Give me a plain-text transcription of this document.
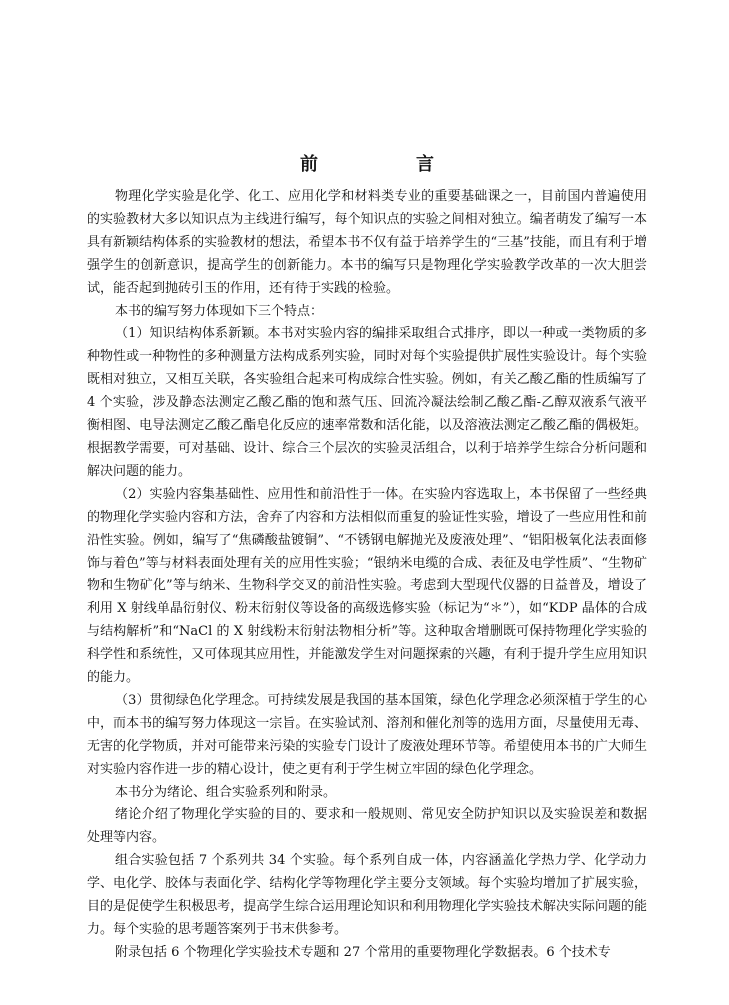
前　言

物理化学实验是化学、化工、应用化学和材料类专业的重要基础课之一，目前国内普遍使用的实验教材大多以知识点为主线进行编写，每个知识点的实验之间相对独立。编者萌发了编写一本具有新颖结构体系的实验教材的想法，希望本书不仅有益于培养学生的“三基”技能，而且有利于增强学生的创新意识，提高学生的创新能力。本书的编写只是物理化学实验教学改革的一次大胆尝试，能否起到抛砖引玉的作用，还有待于实践的检验。

本书的编写努力体现如下三个特点：

（1）知识结构体系新颖。本书对实验内容的编排采取组合式排序，即以一种或一类物质的多种物性或一种物性的多种测量方法构成系列实验，同时对每个实验提供扩展性实验设计。每个实验既相对独立，又相互关联，各实验组合起来可构成综合性实验。例如，有关乙酸乙酯的性质编写了 4 个实验，涉及静态法测定乙酸乙酯的饱和蒸气压、回流冷凝法绘制乙酸乙酯-乙醇双液系气液平衡相图、电导法测定乙酸乙酯皂化反应的速率常数和活化能，以及溶液法测定乙酸乙酯的偶极矩。根据教学需要，可对基础、设计、综合三个层次的实验灵活组合，以利于培养学生综合分析问题和解决问题的能力。

（2）实验内容集基础性、应用性和前沿性于一体。在实验内容选取上，本书保留了一些经典的物理化学实验内容和方法，舍弃了内容和方法相似而重复的验证性实验，增设了一些应用性和前沿性实验。例如，编写了“焦磷酸盐镀铜”、“不锈钢电解抛光及废液处理”、“铝阳极氧化法表面修饰与着色”等与材料表面处理有关的应用性实验；“银纳米电缆的合成、表征及电学性质”、“生物矿物和生物矿化”等与纳米、生物科学交叉的前沿性实验。考虑到大型现代仪器的日益普及，增设了利用 X 射线单晶衍射仪、粉末衍射仪等设备的高级选修实验（标记为“＊”），如“KDP 晶体的合成与结构解析”和“NaCl 的 X 射线粉末衍射法物相分析”等。这种取舍增删既可保持物理化学实验的科学性和系统性，又可体现其应用性，并能激发学生对问题探索的兴趣，有利于提升学生应用知识的能力。

（3）贯彻绿色化学理念。可持续发展是我国的基本国策，绿色化学理念必须深植于学生的心中，而本书的编写努力体现这一宗旨。在实验试剂、溶剂和催化剂等的选用方面，尽量使用无毒、无害的化学物质，并对可能带来污染的实验专门设计了废液处理环节等。希望使用本书的广大师生对实验内容作进一步的精心设计，使之更有利于学生树立牢固的绿色化学理念。

本书分为绪论、组合实验系列和附录。

绪论介绍了物理化学实验的目的、要求和一般规则、常见安全防护知识以及实验误差和数据处理等内容。

组合实验包括 7 个系列共 34 个实验。每个系列自成一体，内容涵盖化学热力学、化学动力学、电化学、胶体与表面化学、结构化学等物理化学主要分支领域。每个实验均增加了扩展实验，目的是促使学生积极思考，提高学生综合运用理论知识和利用物理化学实验技术解决实际问题的能力。每个实验的思考题答案列于书末供参考。

附录包括 6 个物理化学实验技术专题和 27 个常用的重要物理化学数据表。6 个技术专
